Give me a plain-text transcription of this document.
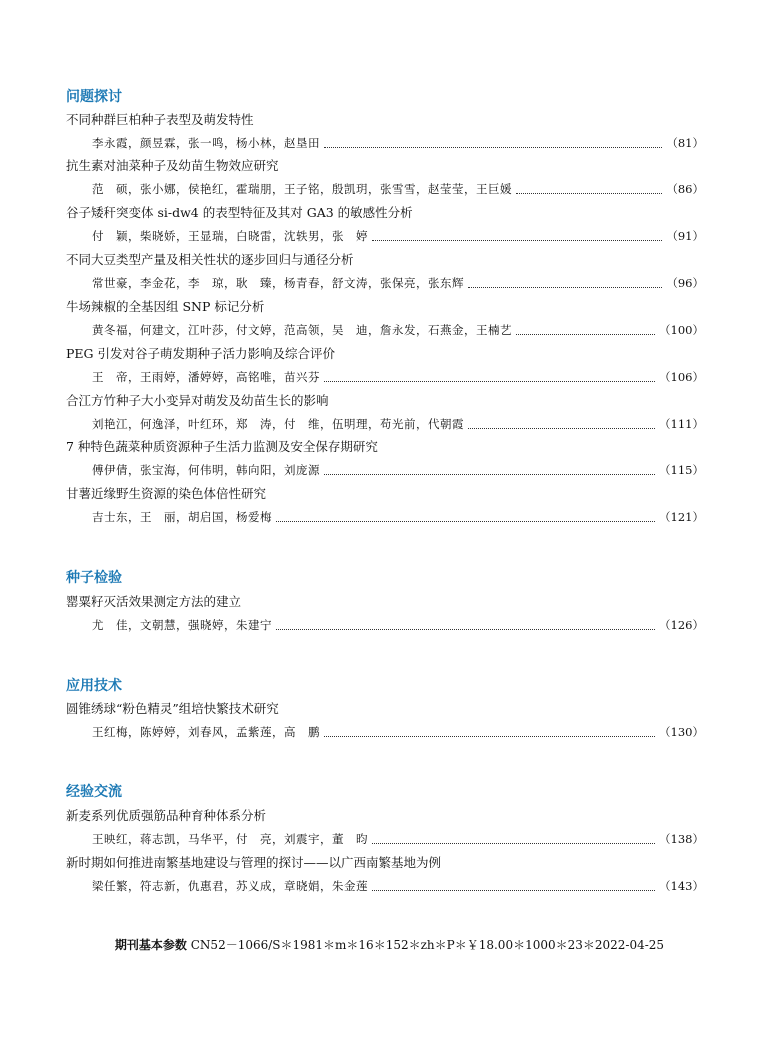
问题探讨
不同种群巨柏种子表型及萌发特性
李永霞，颜昱霖，张一鸣，杨小林，赵垦田	（81）
抗生素对油菜种子及幼苗生物效应研究
范　硕，张小娜，侯艳红，霍瑞朋，王子铭，殷凯玥，张雪雪，赵莹莹，王巨媛	（86）
谷子矮秆突变体 si-dw4 的表型特征及其对 GA3 的敏感性分析
付　颖，柴晓娇，王显瑞，白晓雷，沈轶男，张　婷	（91）
不同大豆类型产量及相关性状的逐步回归与通径分析
常世豪，李金花，李　琼，耿　臻，杨青春，舒文涛，张保亮，张东辉	（96）
牛场辣椒的全基因组 SNP 标记分析
黄冬福，何建文，江叶莎，付文婷，范高领，吴　迪，詹永发，石燕金，王楠艺	（100）
PEG 引发对谷子萌发期种子活力影响及综合评价
王　帝，王雨婷，潘婷婷，高铭唯，苗兴芬	（106）
合江方竹种子大小变异对萌发及幼苗生长的影响
刘艳江，何逸泽，叶红环，郑　涛，付　维，伍明理，苟光前，代朝霞	（111）
7 种特色蔬菜种质资源种子生活力监测及安全保存期研究
傅伊倩，张宝海，何伟明，韩向阳，刘庞源	（115）
甘薯近缘野生资源的染色体倍性研究
吉士东，王　丽，胡启国，杨爱梅	（121）
种子检验
罂粟籽灭活效果测定方法的建立
尤　佳，文朝慧，强晓婷，朱建宁	（126）
应用技术
圆锥绣球“粉色精灵”组培快繁技术研究
王红梅，陈婷婷，刘春风，孟紫莲，高　鹏	（130）
经验交流
新麦系列优质强筋品种育种体系分析
王映红，蒋志凯，马华平，付　亮，刘震宇，董　昀	（138）
新时期如何推进南繁基地建设与管理的探讨——以广西南繁基地为例
梁任繁，符志新，仇惠君，苏义成，章晓娟，朱金莲	（143）
期刊基本参数 CN52－1066/S＊1981＊m＊16＊152＊zh＊P＊￥18.00＊1000＊23＊2022-04-25
